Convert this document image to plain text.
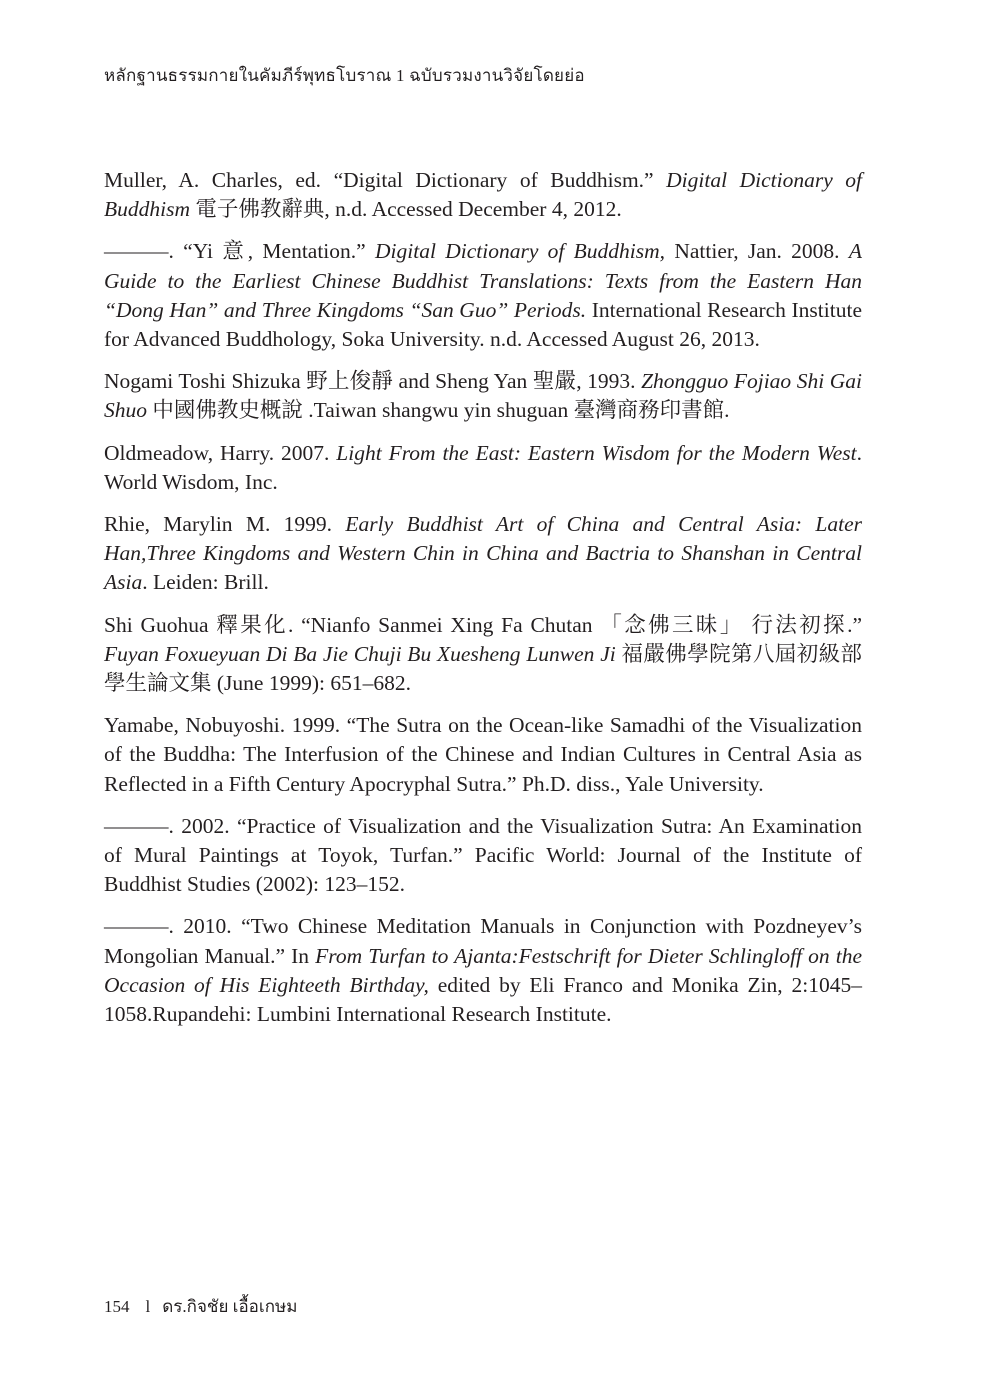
หลักฐานธรรมกายในคัมภีร์พุทธโบราณ 1 ฉบับรวมงานวิจัยโดยย่อ

Muller, A. Charles, ed. “Digital Dictionary of Buddhism.” Digital Dictionary of Buddhism 電子佛教辭典, n.d. Accessed December 4, 2012.

———. “Yi 意, Mentation.” Digital Dictionary of Buddhism, Nattier, Jan. 2008. A Guide to the Earliest Chinese Buddhist Translations: Texts from the Eastern Han “Dong Han” and Three Kingdoms “San Guo” Periods. International Research Institute for Advanced Buddhology, Soka University. n.d. Accessed August 26, 2013.

Nogami Toshi Shizuka 野上俊靜 and Sheng Yan 聖嚴, 1993. Zhongguo Fojiao Shi Gai Shuo 中國佛教史概說 .Taiwan shangwu yin shuguan 臺灣商務印書館.

Oldmeadow, Harry. 2007. Light From the East: Eastern Wisdom for the Modern West. World Wisdom, Inc.

Rhie, Marylin M. 1999. Early Buddhist Art of China and Central Asia: Later Han,Three Kingdoms and Western Chin in China and Bactria to Shanshan in Central Asia. Leiden: Brill.

Shi Guohua 釋果化. “Nianfo Sanmei Xing Fa Chutan 「念佛三昧」 行法初探.” Fuyan Foxueyuan Di Ba Jie Chuji Bu Xuesheng Lunwen Ji 福嚴佛學院第八屆初級部學生論文集 (June 1999): 651–682.

Yamabe, Nobuyoshi. 1999. “The Sutra on the Ocean-like Samadhi of the Visualization of the Buddha: The Interfusion of the Chinese and Indian Cultures in Central Asia as Reflected in a Fifth Century Apocryphal Sutra.” Ph.D. diss., Yale University.

———. 2002. “Practice of Visualization and the Visualization Sutra: An Examination of Mural Paintings at Toyok, Turfan.” Pacific World: Journal of the Institute of Buddhist Studies (2002): 123–152.

———. 2010. “Two Chinese Meditation Manuals in Conjunction with Pozdneyev’s Mongolian Manual.” In From Turfan to Ajanta:Festschrift for Dieter Schlingloff on the Occasion of His Eighteeth Birthday, edited by Eli Franco and Monika Zin, 2:1045–1058.Rupandehi: Lumbini International Research Institute.

154 l ดร.กิจชัย เอื้อเกษม
